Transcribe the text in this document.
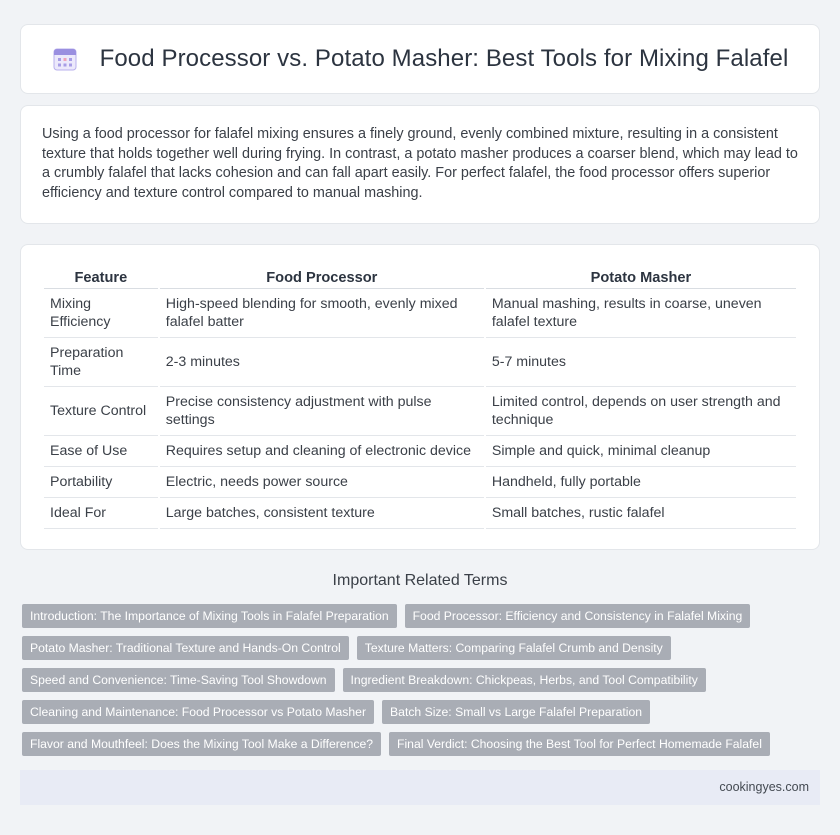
Food Processor vs. Potato Masher: Best Tools for Mixing Falafel

Using a food processor for falafel mixing ensures a finely ground, evenly combined mixture, resulting in a consistent texture that holds together well during frying. In contrast, a potato masher produces a coarser blend, which may lead to a crumbly falafel that lacks cohesion and can fall apart easily. For perfect falafel, the food processor offers superior efficiency and texture control compared to manual mashing.

Feature	Food Processor	Potato Masher
Mixing Efficiency	High-speed blending for smooth, evenly mixed falafel batter	Manual mashing, results in coarse, uneven falafel texture
Preparation Time	2-3 minutes	5-7 minutes
Texture Control	Precise consistency adjustment with pulse settings	Limited control, depends on user strength and technique
Ease of Use	Requires setup and cleaning of electronic device	Simple and quick, minimal cleanup
Portability	Electric, needs power source	Handheld, fully portable
Ideal For	Large batches, consistent texture	Small batches, rustic falafel
Important Related Terms
Introduction: The Importance of Mixing Tools in Falafel Preparation	Food Processor: Efficiency and Consistency in Falafel Mixing
Potato Masher: Traditional Texture and Hands-On Control	Texture Matters: Comparing Falafel Crumb and Density
Speed and Convenience: Time-Saving Tool Showdown	Ingredient Breakdown: Chickpeas, Herbs, and Tool Compatibility
Cleaning and Maintenance: Food Processor vs Potato Masher	Batch Size: Small vs Large Falafel Preparation
Flavor and Mouthfeel: Does the Mixing Tool Make a Difference?	Final Verdict: Choosing the Best Tool for Perfect Homemade Falafel
cookingyes.com
